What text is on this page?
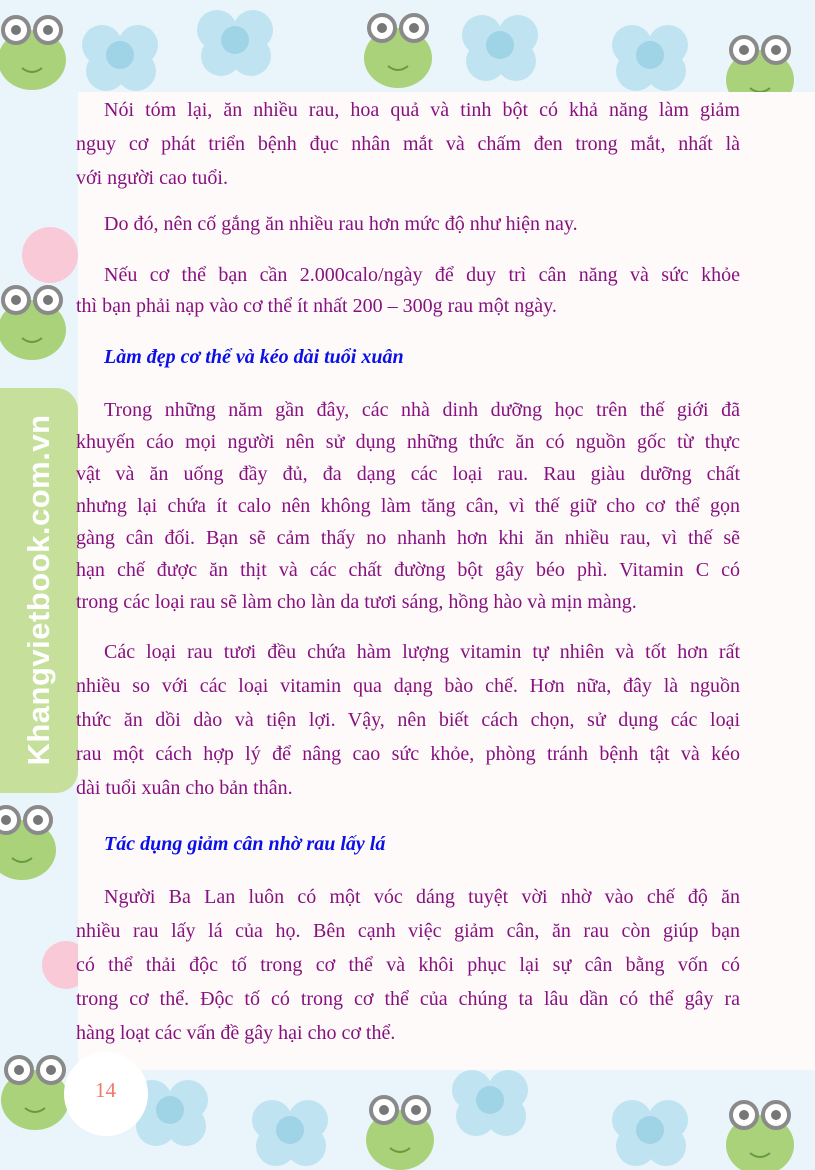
Khangvietbook.com.vn
Nói tóm lại, ăn nhiều rau, hoa quả và tinh bột có khả năng làm giảm
nguy cơ phát triển bệnh đục nhân mắt và chấm đen trong mắt, nhất là
với người cao tuổi.
Do đó, nên cố gắng ăn nhiều rau hơn mức độ như hiện nay.
Nếu cơ thể bạn cần 2.000calo/ngày để duy trì cân năng và sức khỏe
thì bạn phải nạp vào cơ thể ít nhất 200 – 300g rau một ngày.
Làm đẹp cơ thể và kéo dài tuổi xuân
Trong những năm gần đây, các nhà dinh dưỡng học trên thế giới đã
khuyến cáo mọi người nên sử dụng những thức ăn có nguồn gốc từ thực
vật và ăn uống đầy đủ, đa dạng các loại rau. Rau giàu dưỡng chất
nhưng lại chứa ít calo nên không làm tăng cân, vì thế giữ cho cơ thể gọn
gàng cân đối. Bạn sẽ cảm thấy no nhanh hơn khi ăn nhiều rau, vì thế sẽ
hạn chế được ăn thịt và các chất đường bột gây béo phì. Vitamin C có
trong các loại rau sẽ làm cho làn da tươi sáng, hồng hào và mịn màng.
Các loại rau tươi đều chứa hàm lượng vitamin tự nhiên và tốt hơn rất
nhiều so với các loại vitamin qua dạng bào chế. Hơn nữa, đây là nguồn
thức ăn dồi dào và tiện lợi. Vậy, nên biết cách chọn, sử dụng các loại
rau một cách hợp lý để nâng cao sức khỏe, phòng tránh bệnh tật và kéo
dài tuổi xuân cho bản thân.
Tác dụng giảm cân nhờ rau lấy lá
Người Ba Lan luôn có một vóc dáng tuyệt vời nhờ vào chế độ ăn
nhiều rau lấy lá của họ. Bên cạnh việc giảm cân, ăn rau còn giúp bạn
có thể thải độc tố trong cơ thể và khôi phục lại sự cân bằng vốn có
trong cơ thể. Độc tố có trong cơ thể của chúng ta lâu dần có thể gây ra
hàng loạt các vấn đề gây hại cho cơ thể.
14
